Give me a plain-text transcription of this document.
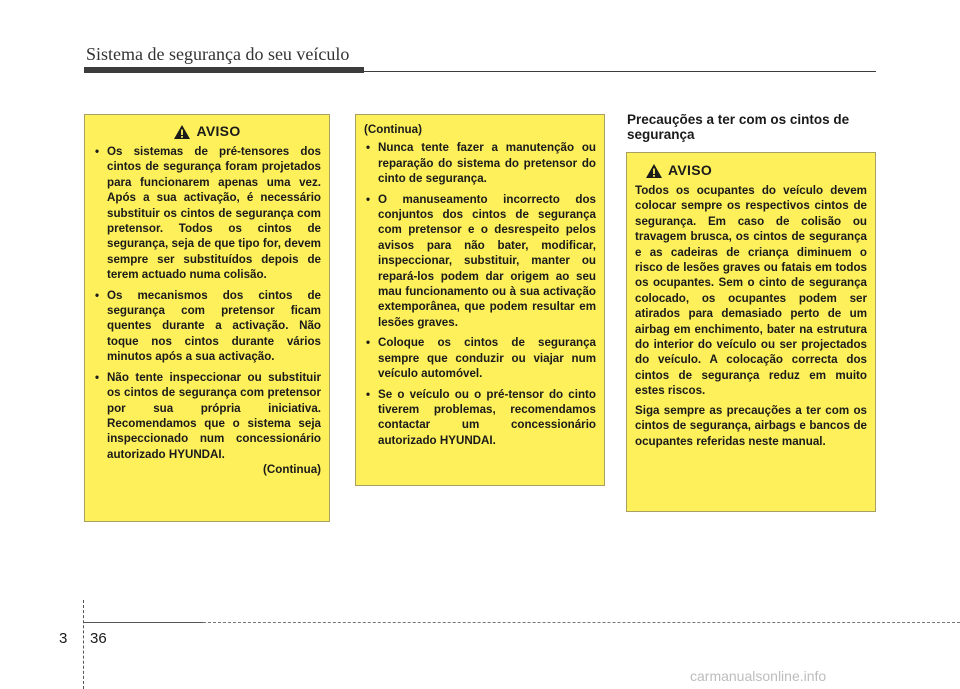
Sistema de segurança do seu veículo
AVISO
• Os sistemas de pré-tensores dos cintos de segurança foram projetados para funcionarem apenas uma vez. Após a sua activação, é necessário substituir os cintos de segurança com pretensor. Todos os cintos de segurança, seja de que tipo for, devem sempre ser substituídos depois de terem actuado numa colisão.
• Os mecanismos dos cintos de segurança com pretensor ficam quentes durante a activação. Não toque nos cintos durante vários minutos após a sua activação.
• Não tente inspeccionar ou substituir os cintos de segurança com pretensor por sua própria iniciativa. Recomendamos que o sistema seja inspeccionado num concessionário autorizado HYUNDAI.
(Continua)
(Continua)
• Nunca tente fazer a manutenção ou reparação do sistema do pretensor do cinto de segurança.
• O manuseamento incorrecto dos conjuntos dos cintos de segurança com pretensor e o desrespeito pelos avisos para não bater, modificar, inspeccionar, substituir, manter ou repará-los podem dar origem ao seu mau funcionamento ou à sua activação extemporânea, que podem resultar em lesões graves.
• Coloque os cintos de segurança sempre que conduzir ou viajar num veículo automóvel.
• Se o veículo ou o pré-tensor do cinto tiverem problemas, recomendamos contactar um concessionário autorizado HYUNDAI.
Precauções a ter com os cintos de segurança
AVISO

Todos os ocupantes do veículo devem colocar sempre os respectivos cintos de segurança. Em caso de colisão ou travagem brusca, os cintos de segurança e as cadeiras de criança diminuem o risco de lesões graves ou fatais em todos os ocupantes. Sem o cinto de segurança colocado, os ocupantes podem ser atirados para demasiado perto de um airbag em enchimento, bater na estrutura do interior do veículo ou ser projectados do veículo. A colocação correcta dos cintos de segurança reduz em muito estes riscos.

Siga sempre as precauções a ter com os cintos de segurança, airbags e bancos de ocupantes referidas neste manual.

3 36
carmanualsonline.info
